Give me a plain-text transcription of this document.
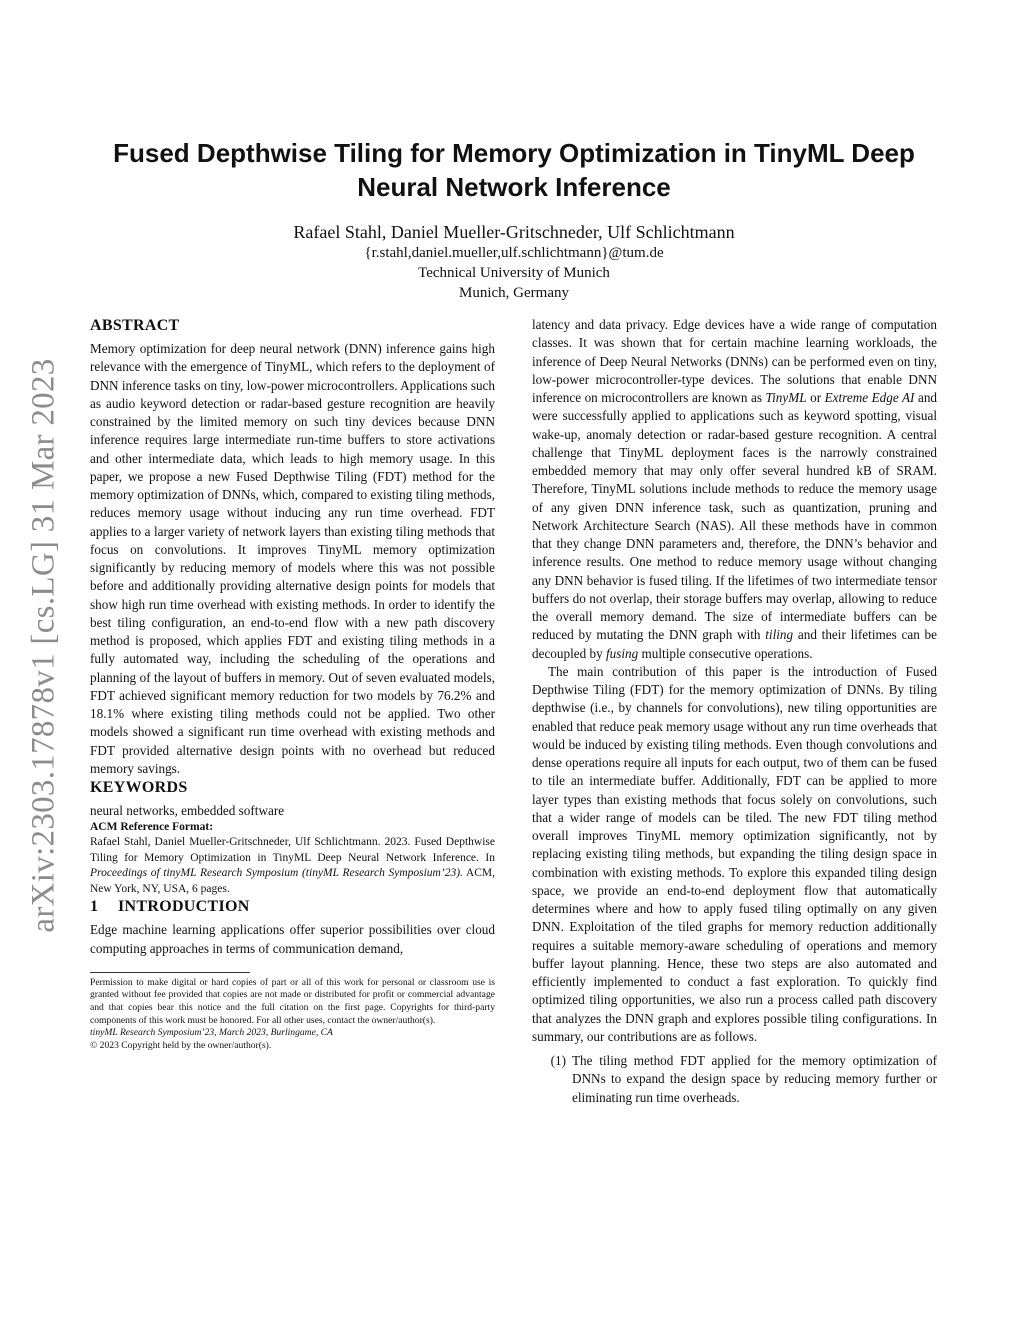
arXiv:2303.17878v1 [cs.LG] 31 Mar 2023
Fused Depthwise Tiling for Memory Optimization in TinyML Deep Neural Network Inference

Rafael Stahl, Daniel Mueller-Gritschneder, Ulf Schlichtmann

{r.stahl,daniel.mueller,ulf.schlichtmann}@tum.de

Technical University of Munich

Munich, Germany

ABSTRACT

Memory optimization for deep neural network (DNN) inference gains high relevance with the emergence of TinyML, which refers to the deployment of DNN inference tasks on tiny, low-power microcontrollers. Applications such as audio keyword detection or radar-based gesture recognition are heavily constrained by the limited memory on such tiny devices because DNN inference requires large intermediate run-time buffers to store activations and other intermediate data, which leads to high memory usage. In this paper, we propose a new Fused Depthwise Tiling (FDT) method for the memory optimization of DNNs, which, compared to existing tiling methods, reduces memory usage without inducing any run time overhead. FDT applies to a larger variety of network layers than existing tiling methods that focus on convolutions. It improves TinyML memory optimization significantly by reducing memory of models where this was not possible before and additionally providing alternative design points for models that show high run time overhead with existing methods. In order to identify the best tiling configuration, an end-to-end flow with a new path discovery method is proposed, which applies FDT and existing tiling methods in a fully automated way, including the scheduling of the operations and planning of the layout of buffers in memory. Out of seven evaluated models, FDT achieved significant memory reduction for two models by 76.2% and 18.1% where existing tiling methods could not be applied. Two other models showed a significant run time overhead with existing methods and FDT provided alternative design points with no overhead but reduced memory savings.

KEYWORDS

neural networks, embedded software

ACM Reference Format:

Rafael Stahl, Daniel Mueller-Gritschneder, Ulf Schlichtmann. 2023. Fused Depthwise Tiling for Memory Optimization in TinyML Deep Neural Network Inference. In Proceedings of tinyML Research Symposium (tinyML Research Symposium’23). ACM, New York, NY, USA, 6 pages.

1 INTRODUCTION

Edge machine learning applications offer superior possibilities over cloud computing approaches in terms of communication demand,

Permission to make digital or hard copies of part or all of this work for personal or classroom use is granted without fee provided that copies are not made or distributed for profit or commercial advantage and that copies bear this notice and the full citation on the first page. Copyrights for third-party components of this work must be honored. For all other uses, contact the owner/author(s).

tinyML Research Symposium’23, March 2023, Burlingame, CA

© 2023 Copyright held by the owner/author(s).

latency and data privacy. Edge devices have a wide range of computation classes. It was shown that for certain machine learning workloads, the inference of Deep Neural Networks (DNNs) can be performed even on tiny, low-power microcontroller-type devices. The solutions that enable DNN inference on microcontrollers are known as TinyML or Extreme Edge AI and were successfully applied to applications such as keyword spotting, visual wake-up, anomaly detection or radar-based gesture recognition. A central challenge that TinyML deployment faces is the narrowly constrained embedded memory that may only offer several hundred kB of SRAM. Therefore, TinyML solutions include methods to reduce the memory usage of any given DNN inference task, such as quantization, pruning and Network Architecture Search (NAS). All these methods have in common that they change DNN parameters and, therefore, the DNN’s behavior and inference results. One method to reduce memory usage without changing any DNN behavior is fused tiling. If the lifetimes of two intermediate tensor buffers do not overlap, their storage buffers may overlap, allowing to reduce the overall memory demand. The size of intermediate buffers can be reduced by mutating the DNN graph with tiling and their lifetimes can be decoupled by fusing multiple consecutive operations.

The main contribution of this paper is the introduction of Fused Depthwise Tiling (FDT) for the memory optimization of DNNs. By tiling depthwise (i.e., by channels for convolutions), new tiling opportunities are enabled that reduce peak memory usage without any run time overheads that would be induced by existing tiling methods. Even though convolutions and dense operations require all inputs for each output, two of them can be fused to tile an intermediate buffer. Additionally, FDT can be applied to more layer types than existing methods that focus solely on convolutions, such that a wider range of models can be tiled. The new FDT tiling method overall improves TinyML memory optimization significantly, not by replacing existing tiling methods, but expanding the tiling design space in combination with existing methods. To explore this expanded tiling design space, we provide an end-to-end deployment flow that automatically determines where and how to apply fused tiling optimally on any given DNN. Exploitation of the tiled graphs for memory reduction additionally requires a suitable memory-aware scheduling of operations and memory buffer layout planning. Hence, these two steps are also automated and efficiently implemented to conduct a fast exploration. To quickly find optimized tiling opportunities, we also run a process called path discovery that analyzes the DNN graph and explores possible tiling configurations. In summary, our contributions are as follows.

(1) The tiling method FDT applied for the memory optimization of DNNs to expand the design space by reducing memory further or eliminating run time overheads.
